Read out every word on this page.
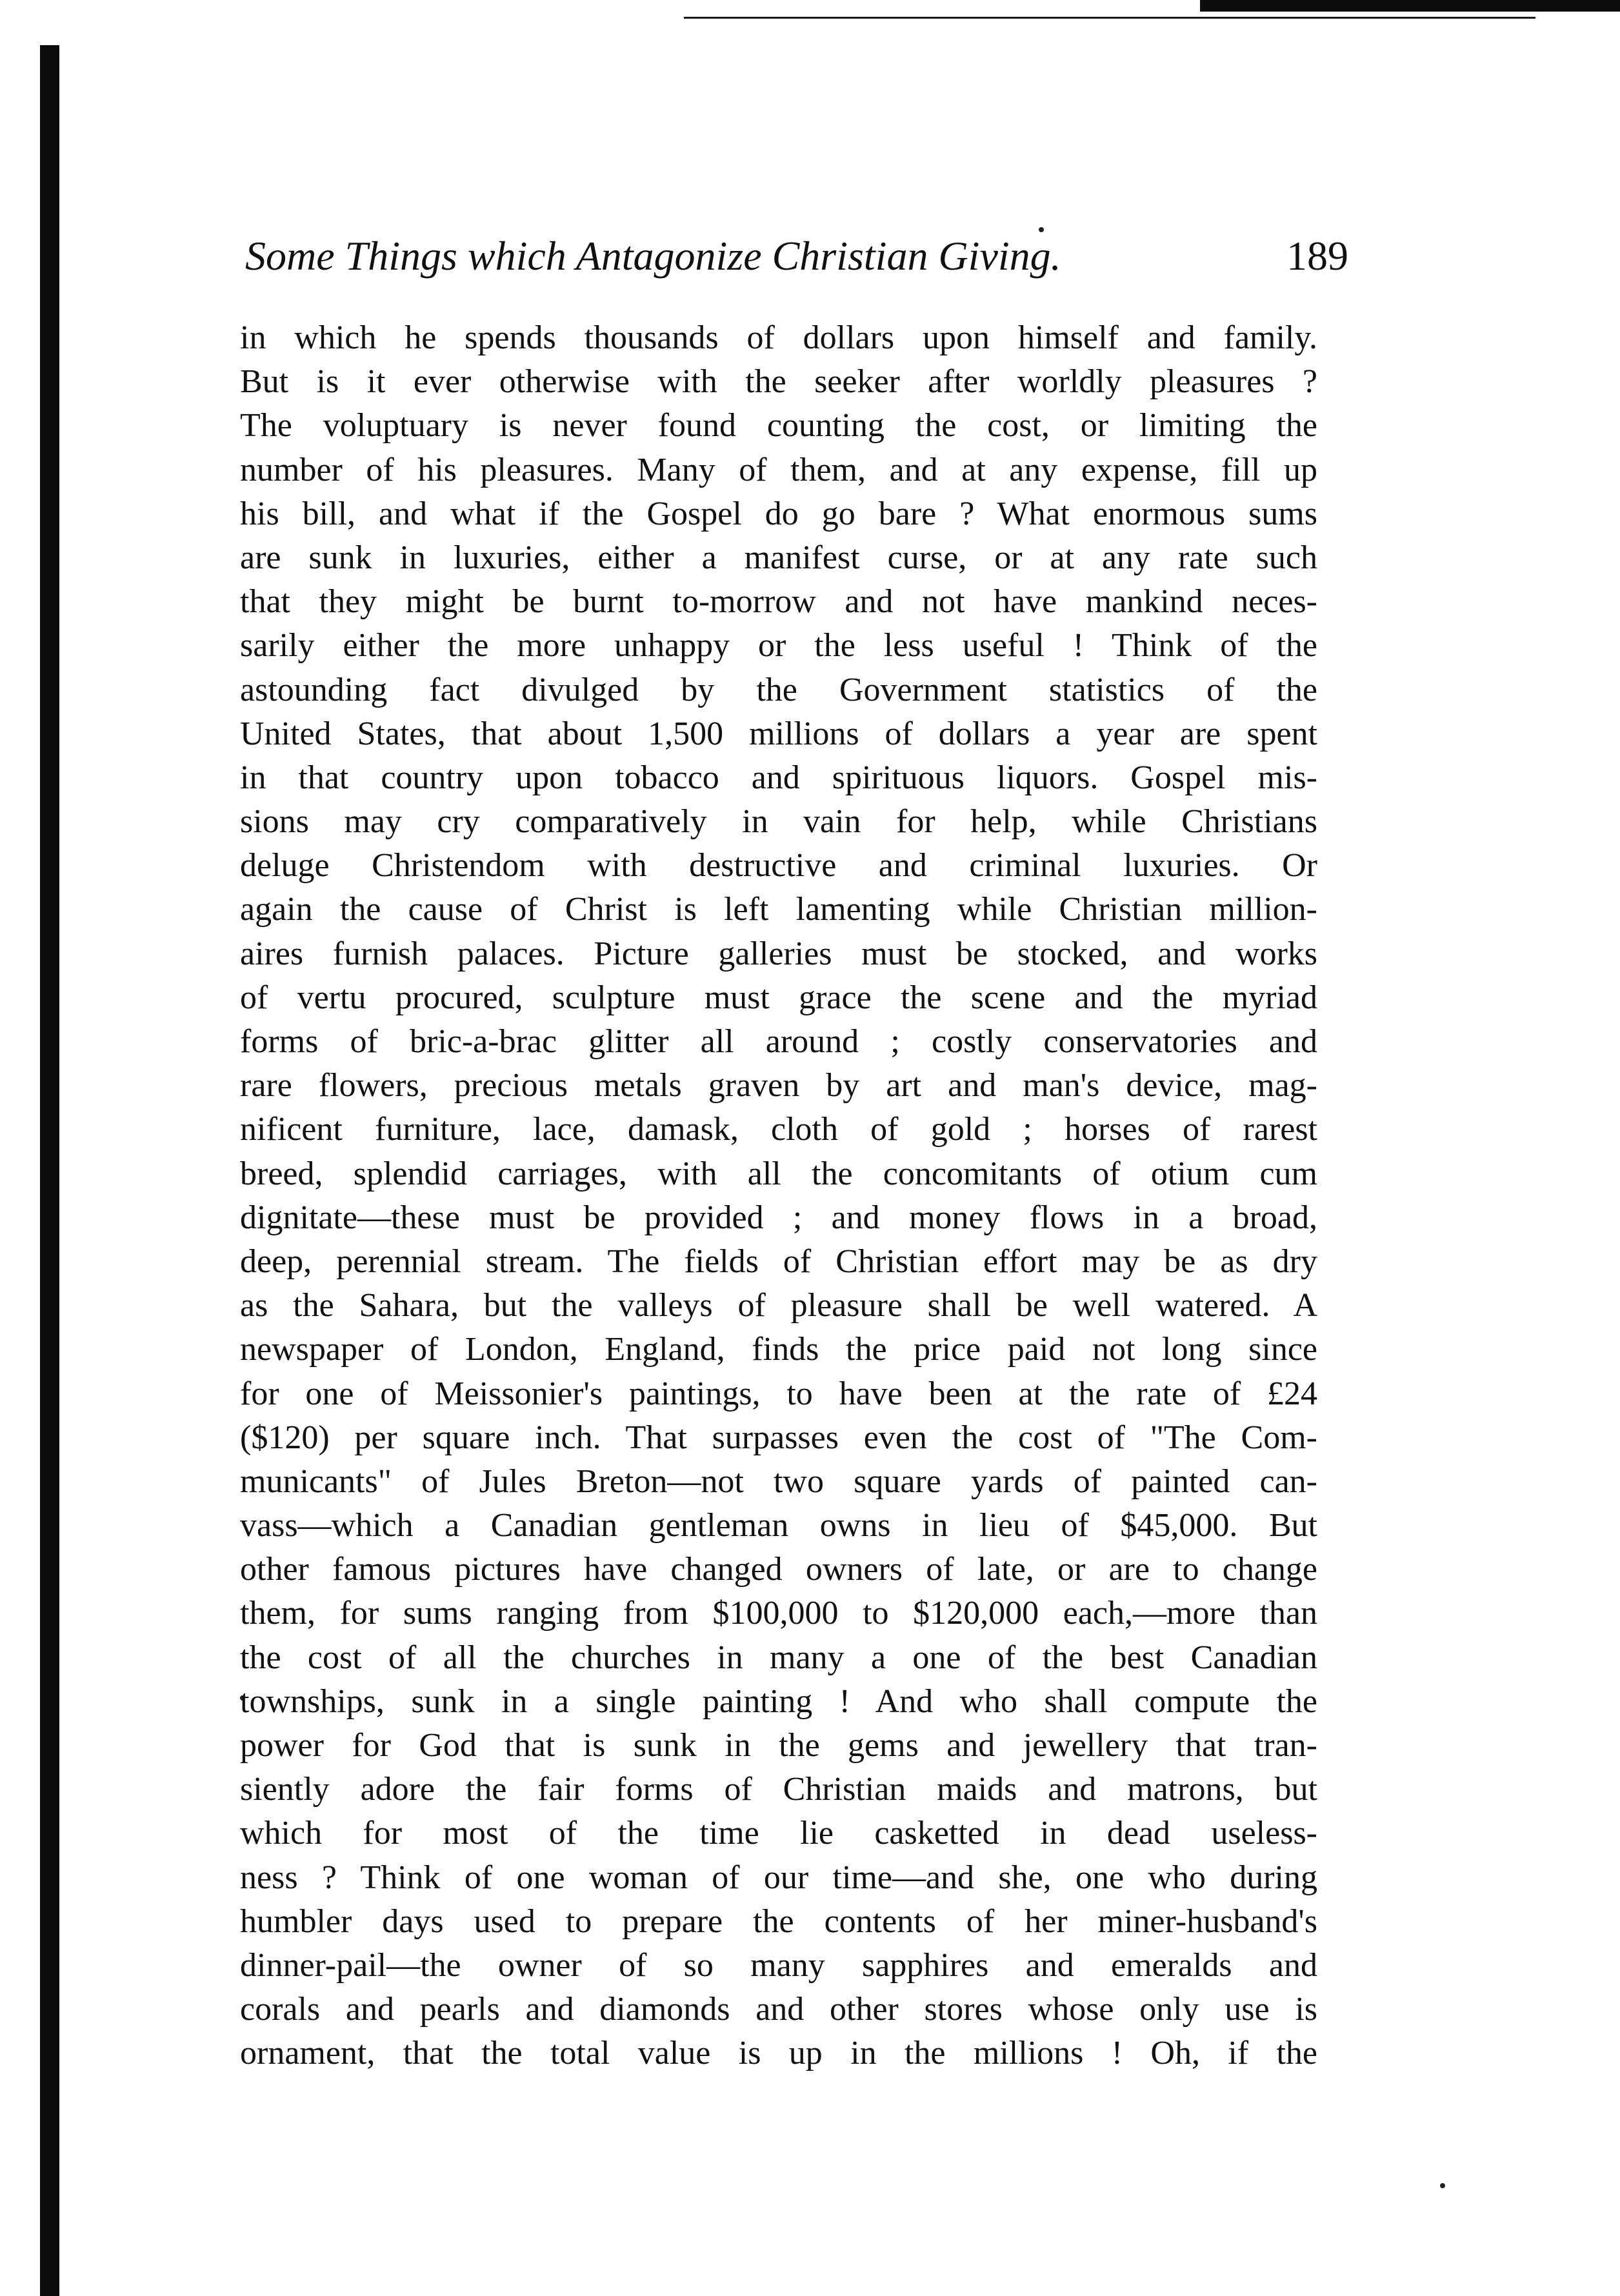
Some Things which Antagonize Christian Giving.	189
in which he spends thousands of dollars upon himself and family.
But is it ever otherwise with the seeker after worldly pleasures ?
The voluptuary is never found counting the cost, or limiting the
number of his pleasures. Many of them, and at any expense, fill up
his bill, and what if the Gospel do go bare ? What enormous sums
are sunk in luxuries, either a manifest curse, or at any rate such
that they might be burnt to-morrow and not have mankind neces-
sarily either the more unhappy or the less useful ! Think of the
astounding fact divulged by the Government statistics of the
United States, that about 1,500 millions of dollars a year are spent
in that country upon tobacco and spirituous liquors. Gospel mis-
sions may cry comparatively in vain for help, while Christians
deluge Christendom with destructive and criminal luxuries. Or
again the cause of Christ is left lamenting while Christian million-
aires furnish palaces. Picture galleries must be stocked, and works
of vertu procured, sculpture must grace the scene and the myriad
forms of bric-a-brac glitter all around ; costly conservatories and
rare flowers, precious metals graven by art and man's device, mag-
nificent furniture, lace, damask, cloth of gold ; horses of rarest
breed, splendid carriages, with all the concomitants of otium cum
dignitate—these must be provided ; and money flows in a broad,
deep, perennial stream. The fields of Christian effort may be as dry
as the Sahara, but the valleys of pleasure shall be well watered. A
newspaper of London, England, finds the price paid not long since
for one of Meissonier's paintings, to have been at the rate of £24
($120) per square inch. That surpasses even the cost of "The Com-
municants" of Jules Breton—not two square yards of painted can-
vass—which a Canadian gentleman owns in lieu of $45,000. But
other famous pictures have changed owners of late, or are to change
them, for sums ranging from $100,000 to $120,000 each,—more than
the cost of all the churches in many a one of the best Canadian
townships, sunk in a single painting ! And who shall compute the
power for God that is sunk in the gems and jewellery that tran-
siently adore the fair forms of Christian maids and matrons, but
which for most of the time lie casketted in dead useless-
ness ? Think of one woman of our time—and she, one who during
humbler days used to prepare the contents of her miner-husband's
dinner-pail—the owner of so many sapphires and emeralds and
corals and pearls and diamonds and other stores whose only use is
ornament, that the total value is up in the millions ! Oh, if the
